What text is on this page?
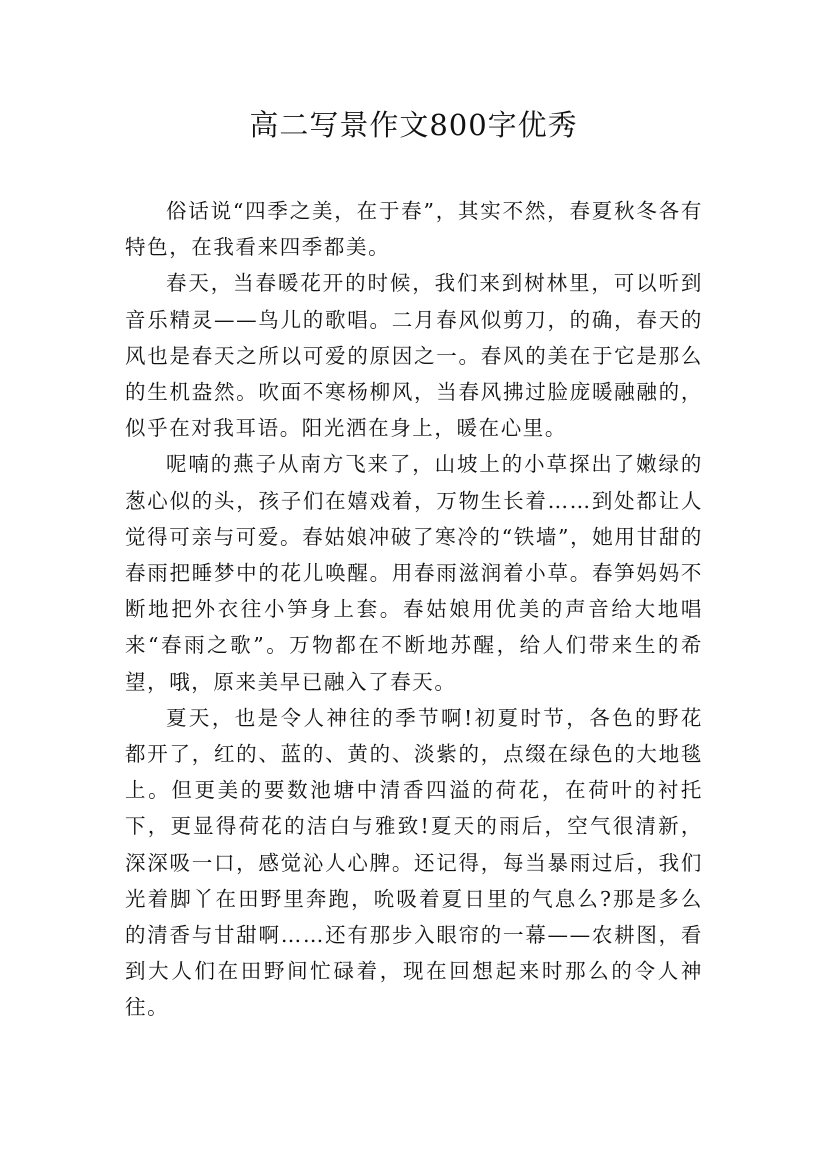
高二写景作文800字优秀

俗话说“四季之美，在于春”，其实不然，春夏秋冬各有特色，在我看来四季都美。

春天，当春暖花开的时候，我们来到树林里，可以听到音乐精灵——鸟儿的歌唱。二月春风似剪刀，的确，春天的风也是春天之所以可爱的原因之一。春风的美在于它是那么的生机盎然。吹面不寒杨柳风，当春风拂过脸庞暖融融的，似乎在对我耳语。阳光洒在身上，暖在心里。

呢喃的燕子从南方飞来了，山坡上的小草探出了嫩绿的葱心似的头，孩子们在嬉戏着，万物生长着……到处都让人觉得可亲与可爱。春姑娘冲破了寒冷的“铁墙”，她用甘甜的春雨把睡梦中的花儿唤醒。用春雨滋润着小草。春笋妈妈不断地把外衣往小笋身上套。春姑娘用优美的声音给大地唱来“春雨之歌”。万物都在不断地苏醒，给人们带来生的希望，哦，原来美早已融入了春天。

夏天，也是令人神往的季节啊!初夏时节，各色的野花都开了，红的、蓝的、黄的、淡紫的，点缀在绿色的大地毯上。但更美的要数池塘中清香四溢的荷花，在荷叶的衬托下，更显得荷花的洁白与雅致!夏天的雨后，空气很清新，深深吸一口，感觉沁人心脾。还记得，每当暴雨过后，我们光着脚丫在田野里奔跑，吮吸着夏日里的气息么?那是多么的清香与甘甜啊……还有那步入眼帘的一幕——农耕图，看到大人们在田野间忙碌着，现在回想起来时那么的令人神往。
